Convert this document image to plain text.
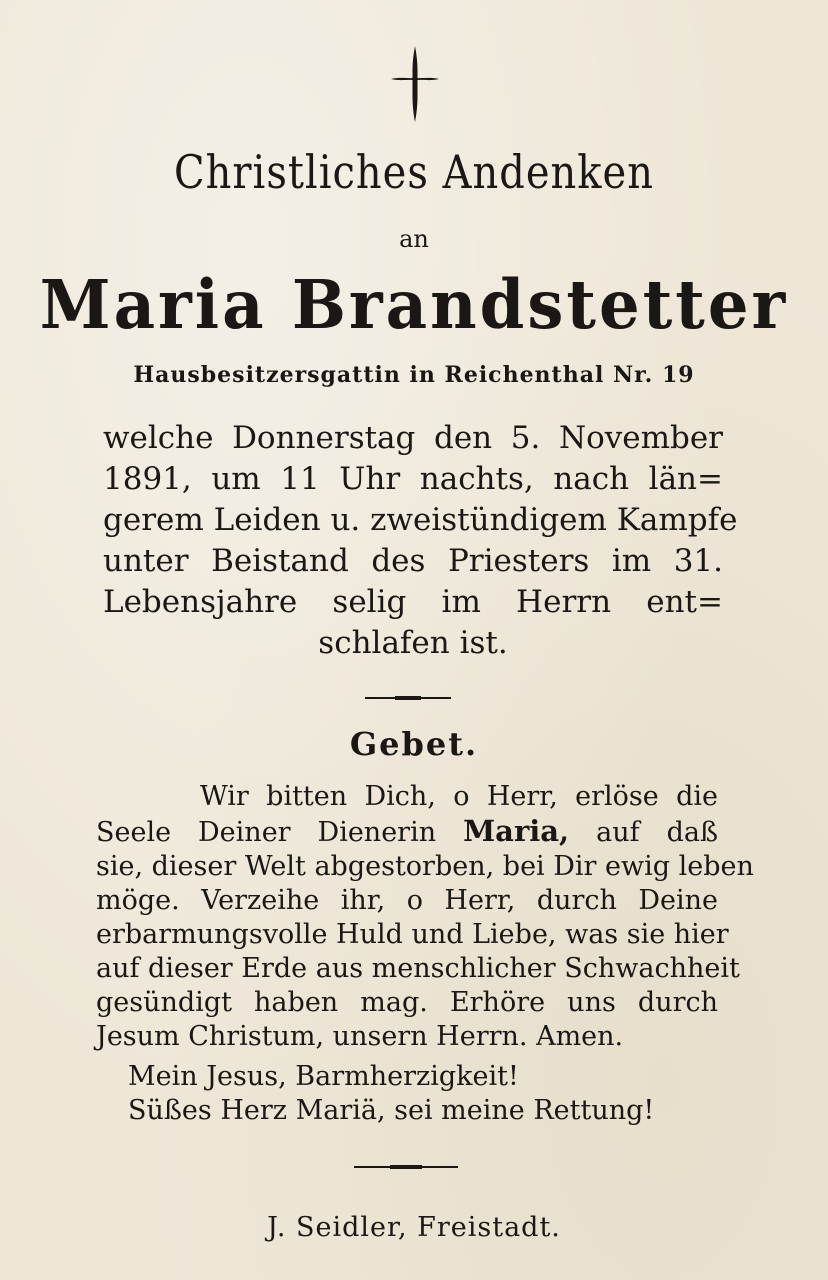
Christliches Andenken
an
Maria Brandstetter
Hausbesitzersgattin in Reichenthal Nr. 19
welche Donnerstag den 5. November
1891, um 11 Uhr nachts, nach län=
gerem Leiden u. zweistündigem Kampfe
unter Beistand des Priesters im 31.
Lebensjahre selig im Herrn ent=
schlafen ist.
Gebet.
Wir bitten Dich, o Herr, erlöse die
Seele Deiner Dienerin Maria, auf daß
sie, dieser Welt abgestorben, bei Dir ewig leben
möge. Verzeihe ihr, o Herr, durch Deine
erbarmungsvolle Huld und Liebe, was sie hier
auf dieser Erde aus menschlicher Schwachheit
gesündigt haben mag. Erhöre uns durch
Jesum Christum, unsern Herrn. Amen.
Mein Jesus, Barmherzigkeit!
Süßes Herz Mariä, sei meine Rettung!
J. Seidler, Freistadt.
